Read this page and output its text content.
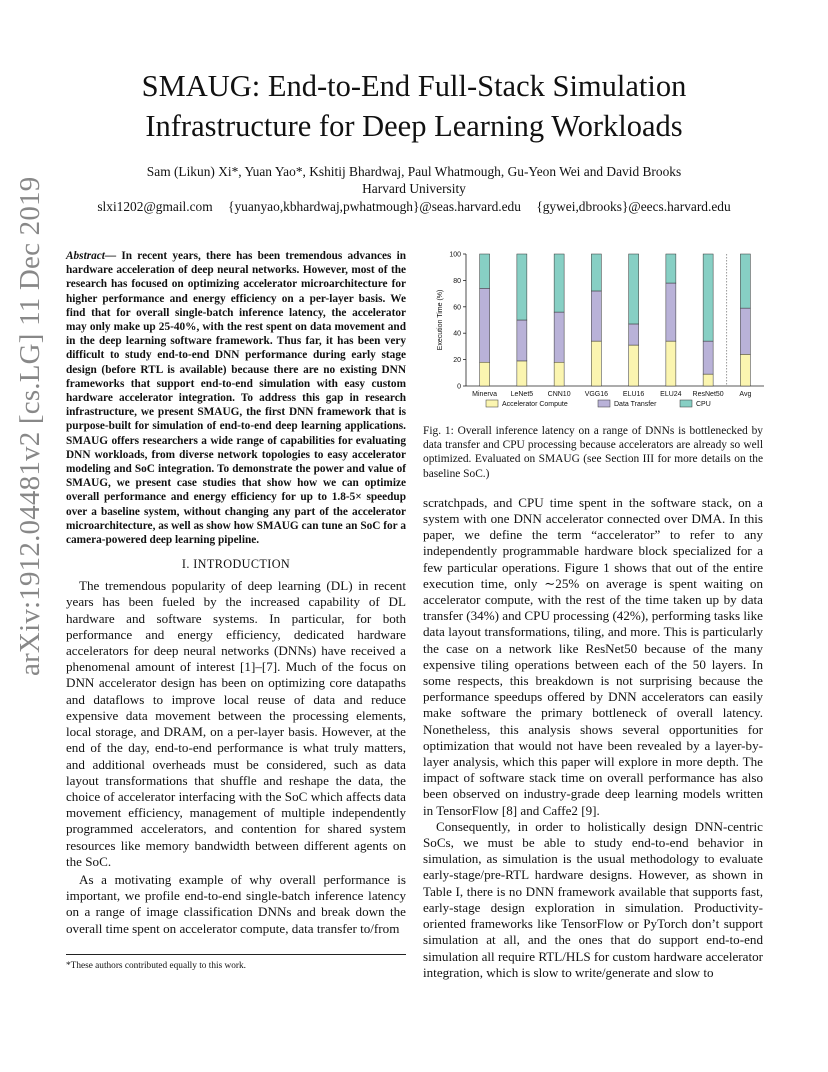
SMAUG: End-to-End Full-Stack Simulation
Infrastructure for Deep Learning Workloads
Sam (Likun) Xi*, Yuan Yao*, Kshitij Bhardwaj, Paul Whatmough, Gu-Yeon Wei and David Brooks
Harvard University
slxi1202@gmail.com {yuanyao,kbhardwaj,pwhatmough}@seas.harvard.edu {gywei,dbrooks}@eecs.harvard.edu
arXiv:1912.04481v2 [cs.LG] 11 Dec 2019 Abstract— In recent years, there has been tremendous advances in hardware acceleration of deep neural networks. However, most of the research has focused on optimizing accelerator microarchitecture for higher performance and energy efficiency on a per-layer basis. We find that for overall single-batch inference latency, the accelerator may only make up 25-40%, with the rest spent on data movement and in the deep learning software framework. Thus far, it has been very difficult to study end-to-end DNN performance during early stage design (before RTL is available) because there are no existing DNN frameworks that support end-to-end simulation with easy custom hardware accelerator integration. To address this gap in research infrastructure, we present SMAUG, the first DNN framework that is purpose-built for simulation of end-to-end deep learning applications. SMAUG offers researchers a wide range of capabilities for evaluating DNN workloads, from diverse network topologies to easy accelerator modeling and SoC integration. To demonstrate the power and value of SMAUG, we present case studies that show how we can optimize overall performance and energy efficiency for up to 1.8-5× speedup over a baseline system, without changing any part of the accelerator microarchitecture, as well as show how SMAUG can tune an SoC for a camera-powered deep learning pipeline.

I. INTRODUCTION

The tremendous popularity of deep learning (DL) in recent years has been fueled by the increased capability of DL hardware and software systems. In particular, for both performance and energy efficiency, dedicated hardware accelerators for deep neural networks (DNNs) have received a phenomenal amount of interest [1]–[7]. Much of the focus on DNN accelerator design has been on optimizing core datapaths and dataflows to improve local reuse of data and reduce expensive data movement between the processing elements, local storage, and DRAM, on a per-layer basis. However, at the end of the day, end-to-end performance is what truly matters, and additional overheads must be considered, such as data layout transformations that shuffle and reshape the data, the choice of accelerator interfacing with the SoC which affects data movement efficiency, management of multiple independently programmed accelerators, and contention for shared system resources like memory bandwidth between different agents on the SoC.

As a motivating example of why overall performance is important, we profile end-to-end single-batch inference latency on a range of image classification DNNs and break down the overall time spent on accelerator compute, data transfer to/from

*These authors contributed equally to this work.
0
20
40
60
80
100
Execution Time (%)
Minerva LeNet5 CNN10 VGG16 ELU16 ELU24 ResNet50 Avg
Accelerator Compute	Data Transfer	CPU

Fig. 1: Overall inference latency on a range of DNNs is bottlenecked by data transfer and CPU processing because accelerators are already so well optimized. Evaluated on SMAUG (see Section III for more details on the baseline SoC.)

scratchpads, and CPU time spent in the software stack, on a system with one DNN accelerator connected over DMA. In this paper, we define the term “accelerator” to refer to any independently programmable hardware block specialized for a few particular operations. Figure 1 shows that out of the entire execution time, only ∼25% on average is spent waiting on accelerator compute, with the rest of the time taken up by data transfer (34%) and CPU processing (42%), performing tasks like data layout transformations, tiling, and more. This is particularly the case on a network like ResNet50 because of the many expensive tiling operations between each of the 50 layers. In some respects, this breakdown is not surprising because the performance speedups offered by DNN accelerators can easily make software the primary bottleneck of overall latency. Nonetheless, this analysis shows several opportunities for optimization that would not have been revealed by a layer-by-layer analysis, which this paper will explore in more depth. The impact of software stack time on overall performance has also been observed on industry-grade deep learning models written in TensorFlow [8] and Caffe2 [9].

Consequently, in order to holistically design DNN-centric SoCs, we must be able to study end-to-end behavior in simulation, as simulation is the usual methodology to evaluate early-stage/pre-RTL hardware designs. However, as shown in Table I, there is no DNN framework available that supports fast, early-stage design exploration in simulation. Productivity-oriented frameworks like TensorFlow or PyTorch don’t support simulation at all, and the ones that do support end-to-end simulation all require RTL/HLS for custom hardware accelerator integration, which is slow to write/generate and slow to
